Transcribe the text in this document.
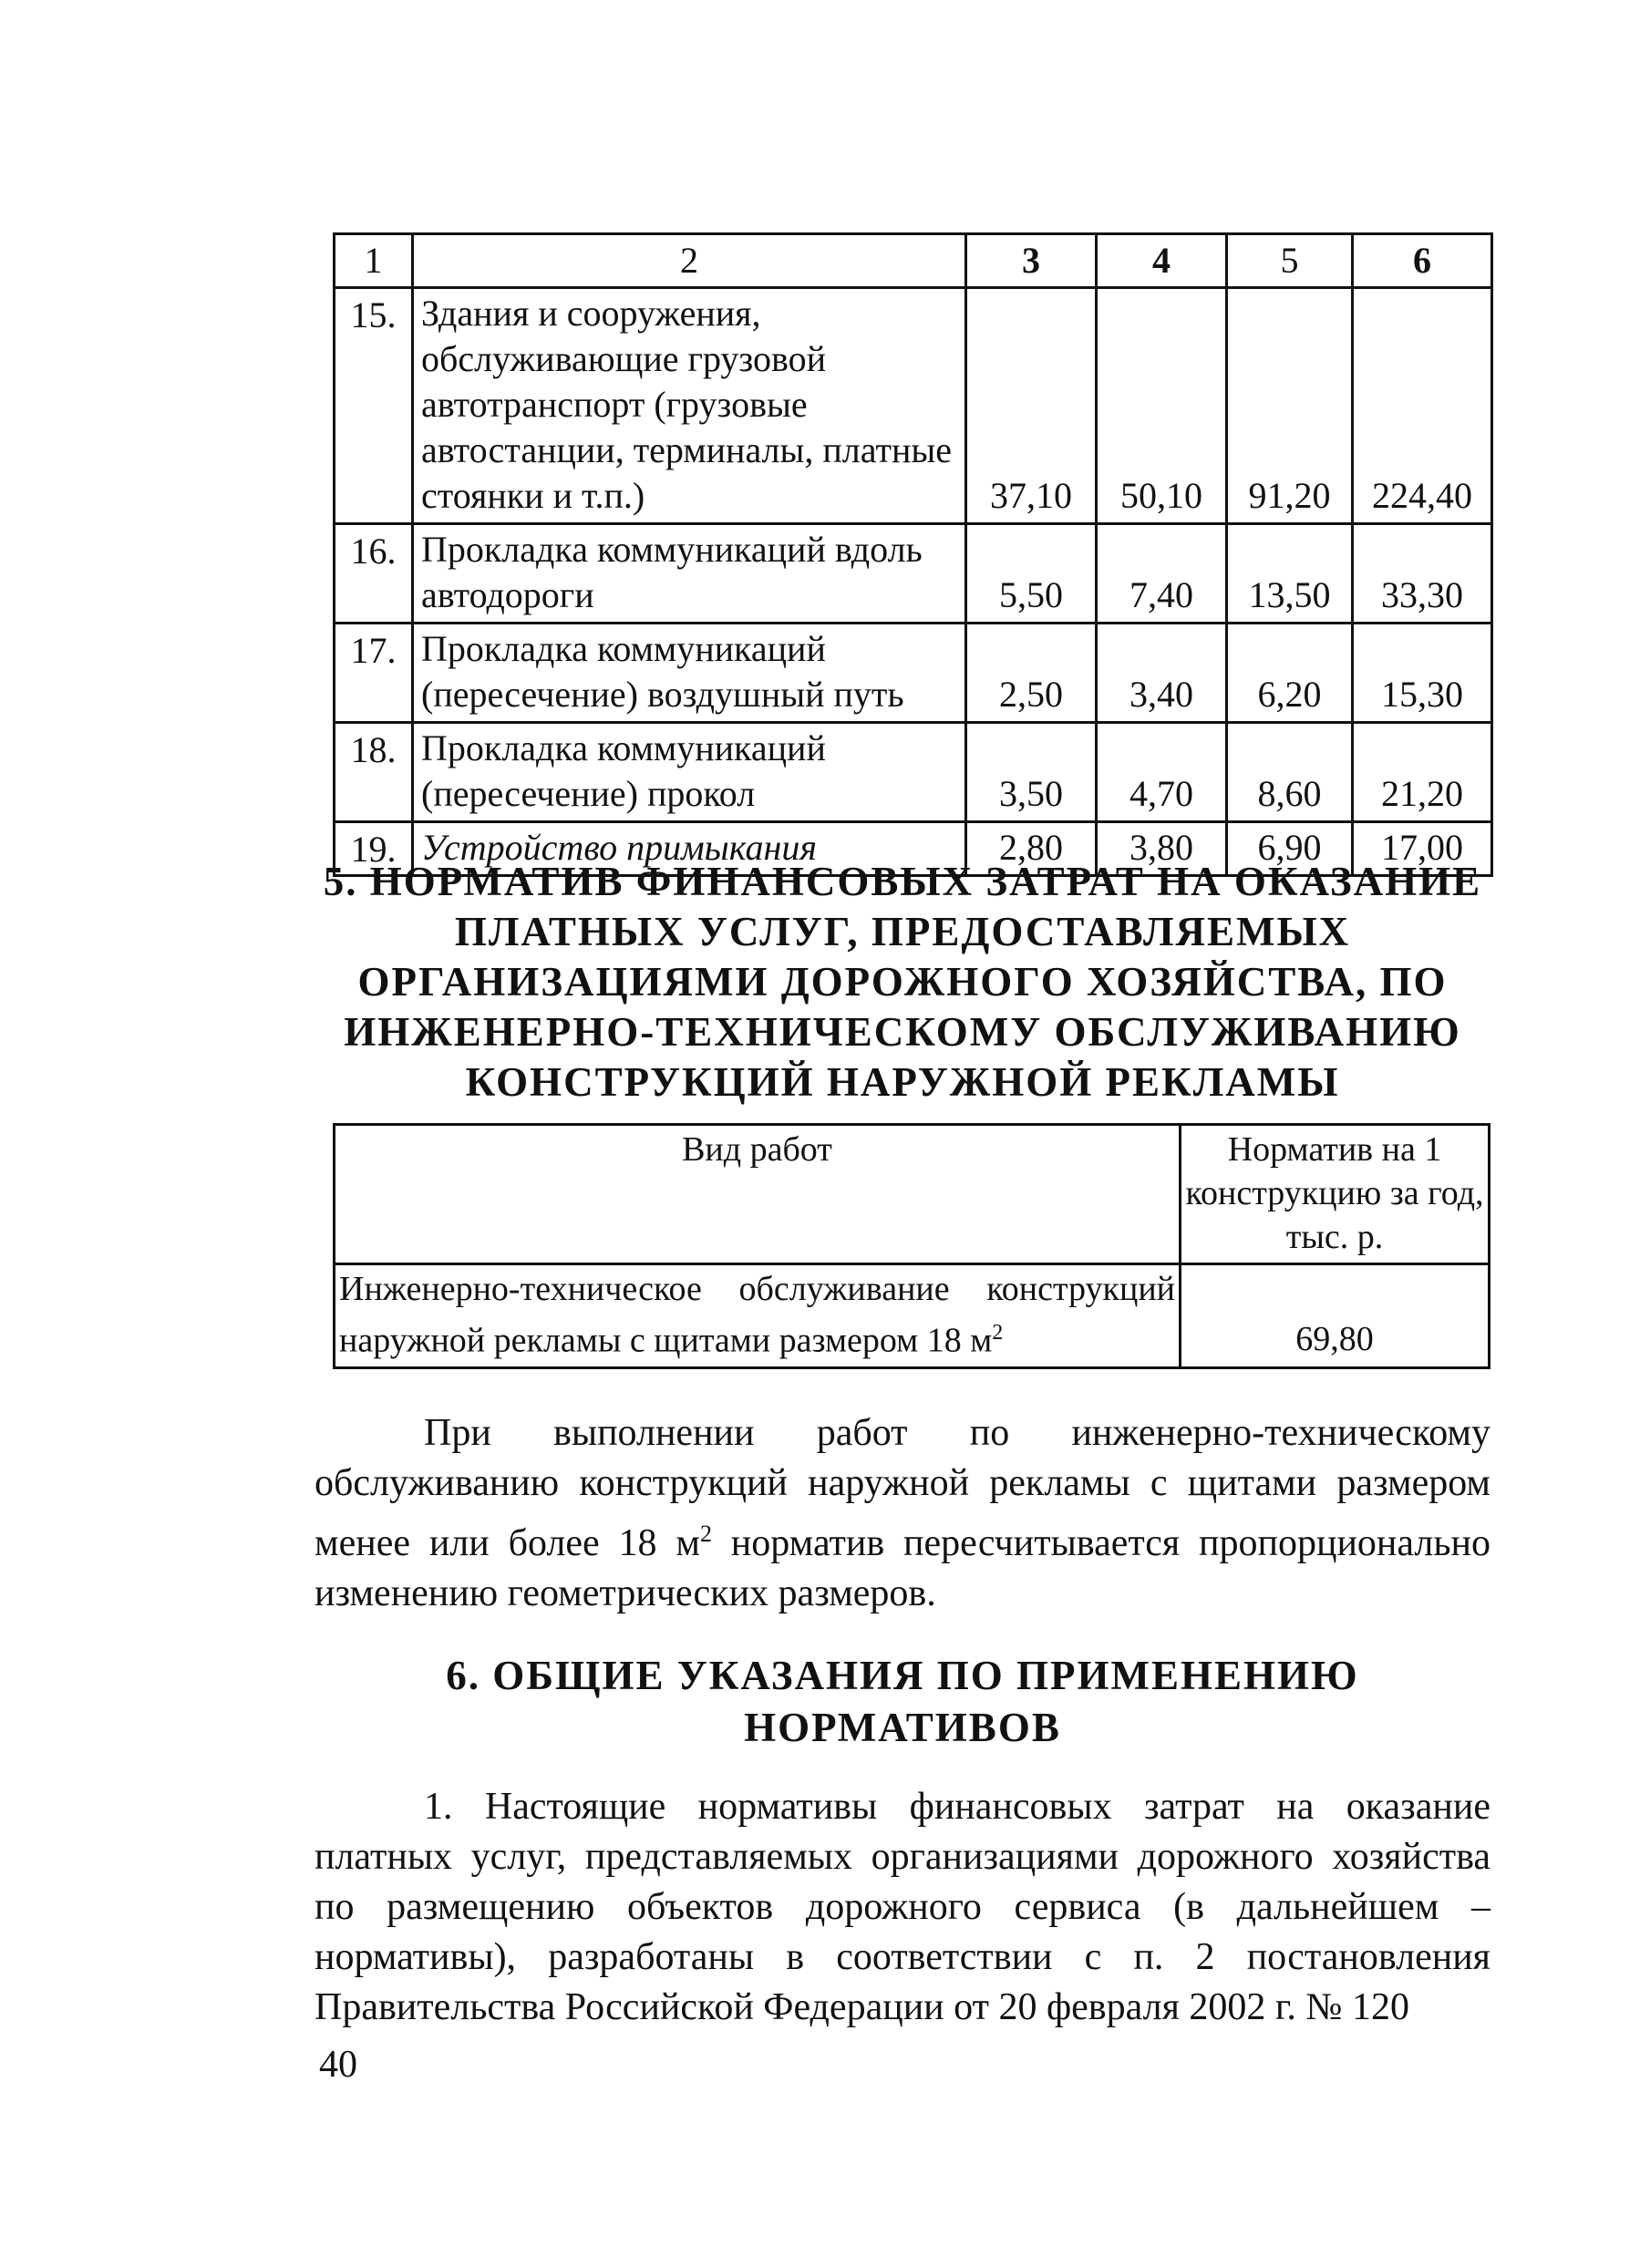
1	2	3	4	5	6
15.	Здания и сооружения, обслуживающие грузовой автотранспорт (грузовые автостанции, терминалы, платные стоянки и т.п.)	37,10	50,10	91,20	224,40
16.	Прокладка коммуникаций вдоль автодороги	5,50	7,40	13,50	33,30
17.	Прокладка коммуникаций (пересечение) воздушный путь	2,50	3,40	6,20	15,30
18.	Прокладка коммуникаций (пересечение) прокол	3,50	4,70	8,60	21,20
19.	Устройство примыкания	2,80	3,80	6,90	17,00
5. НОРМАТИВ ФИНАНСОВЫХ ЗАТРАТ НА ОКАЗАНИЕ ПЛАТНЫХ УСЛУГ, ПРЕДОСТАВЛЯЕМЫХ ОРГАНИЗАЦИЯМИ ДОРОЖНОГО ХОЗЯЙСТВА, ПО ИНЖЕНЕРНО-ТЕХНИЧЕСКОМУ ОБСЛУЖИВАНИЮ КОНСТРУКЦИЙ НАРУЖНОЙ РЕКЛАМЫ
Вид работ	Норматив на 1 конструкцию за год, тыс. р.
Инженерно-техническое обслуживание конструкций наружной рекламы с щитами размером 18 $м^2$	69,80

При выполнении работ по инженерно-техническому обслуживанию конструкций наружной рекламы с щитами размером менее или более 18 $м^2$ норматив пересчитывается пропорционально изменению геометрических размеров.

6. ОБЩИЕ УКАЗАНИЯ ПО ПРИМЕНЕНИЮ НОРМАТИВОВ

1. Настоящие нормативы финансовых затрат на оказание платных услуг, представляемых организациями дорожного хозяйства по размещению объектов дорожного сервиса (в дальнейшем – нормативы), разработаны в соответствии с п. 2 постановления Правительства Российской Федерации от 20 февраля 2002 г. № 120

40
